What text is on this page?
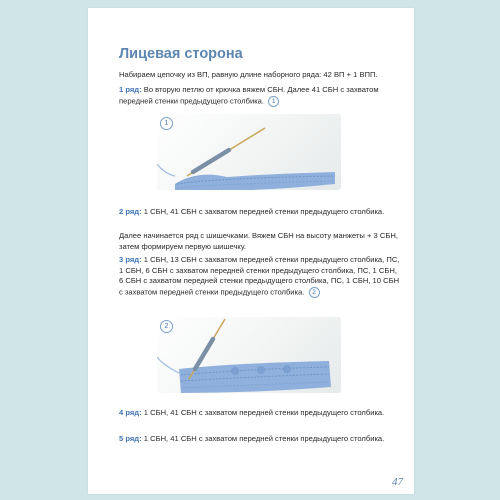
Лицевая сторона
Набираем цепочку из ВП, равную длине наборного ряда: 42 ВП + 1 ВПП.
1 ряд: Во вторую петлю от крючка вяжем СБН. Далее 41 СБН с захватом передней стенки предыдущего столбика. 1
1
2 ряд: 1 СБН, 41 СБН с захватом передней стенки предыдущего столбика.
Далее начинается ряд с шишечками. Вяжем СБН на высоту манжеты + 3 СБН, затем формируем первую шишечку.
3 ряд: 1 СБН, 13 СБН с захватом передней стенки предыдущего столбика, ПС, 1 СБН, 6 СБН с захватом передней стенки предыдущего столбика, ПС, 1 СБН, 6 СБН с захватом передней стенки предыдущего столбика, ПС, 1 СБН, 10 СБН с захватом передней стенки предыдущего столбика. 2
2
4 ряд: 1 СБН, 41 СБН с захватом передней стенки предыдущего столбика.
5 ряд: 1 СБН, 41 СБН с захватом передней стенки предыдущего столбика.
47
